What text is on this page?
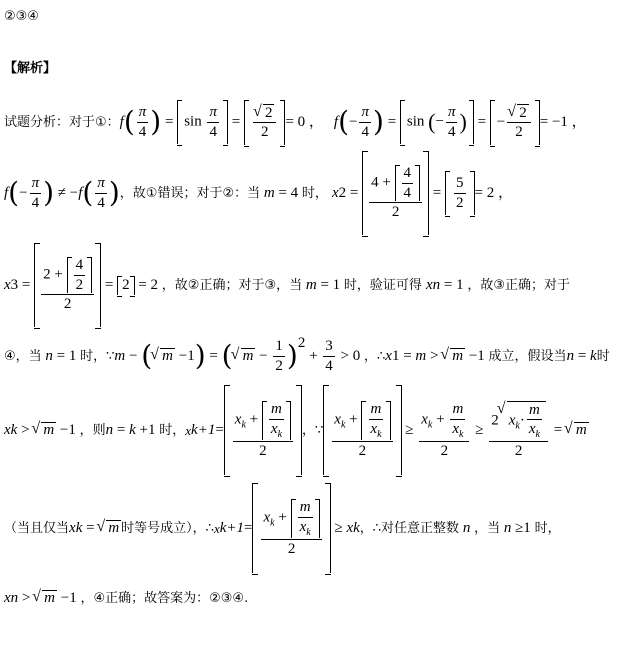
②③④
【解析】
试题分析：对于①： f ( $\frac{\pi}{4}$ ) = $\sin \frac{\pi}{4}$ = √ $\frac{2}{2} = 0$ ， f ( − $\frac{\pi}{4}$ ) = sin (− $\frac{\pi}{4}$ ) = − √ $\frac{2}{2} = -1$ ，
f ( − $\frac{\pi}{4}$ ) ≠ − f ( $\frac{\pi}{4}$ ) ，故①错误；对于②：当 m = 4 时， x $2 = \frac{4 + \frac{4}{4}}{2} = \frac{5}{2} = 2$ ，
x $3 = \frac{2 + \frac{4}{2}}{2} = 2 = 2$ ，故②正确；对于③，当 m = 1 时，验证可得 x n = 1 ，故③正确；对于
④，当 n = 1 时，∵ m − ( √ m −1 ) = ( √ $m - \frac{1}{2}$ ) 2
+ $\frac{3}{4} > 0$ ，∴ x 1 = m > √ m −1 成立，假设当 n = k 时
x k > √ m −1 ，则 n = k +1 时， x $k+1 = \frac{x_k + \frac{m}{x_k}}{2}$ ，∵ $\frac{x_k + \frac{m}{x_k}}{2} \ge \frac{x_k + \frac{m}{x_k}}{2} \ge \frac{2 √ x_k\cdot \frac{m}{x_k}}{2}$ = √ m
（当且仅当 x k = √ m 时等号成立），∴ x $k+1 = \frac{x_k + \frac{m}{x_k}}{2} \ge x$ k ，∴对任意正整数 n ，当 n ≥1 时，
x n > √ m −1 ，④正确；故答案为：②③④.
